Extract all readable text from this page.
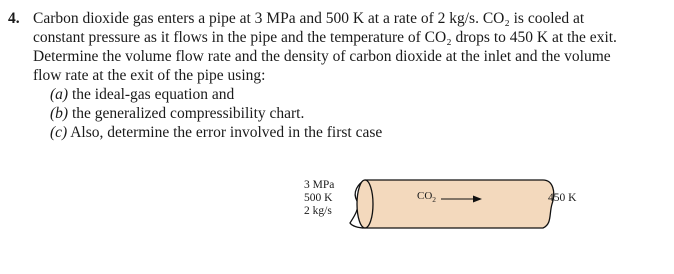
4. Carbon dioxide gas enters a pipe at 3 MPa and 500 K at a rate of 2 kg/s. CO₂ is cooled at
constant pressure as it flows in the pipe and the temperature of CO₂ drops to 450 K at the exit.
Determine the volume flow rate and the density of carbon dioxide at the inlet and the volume
flow rate at the exit of the pipe using:
(a) the ideal-gas equation and
(b) the generalized compressibility chart.
(c) Also, determine the error involved in the first case
3 MPa
500 K
2 kg/s
$CO_2$	450 K
